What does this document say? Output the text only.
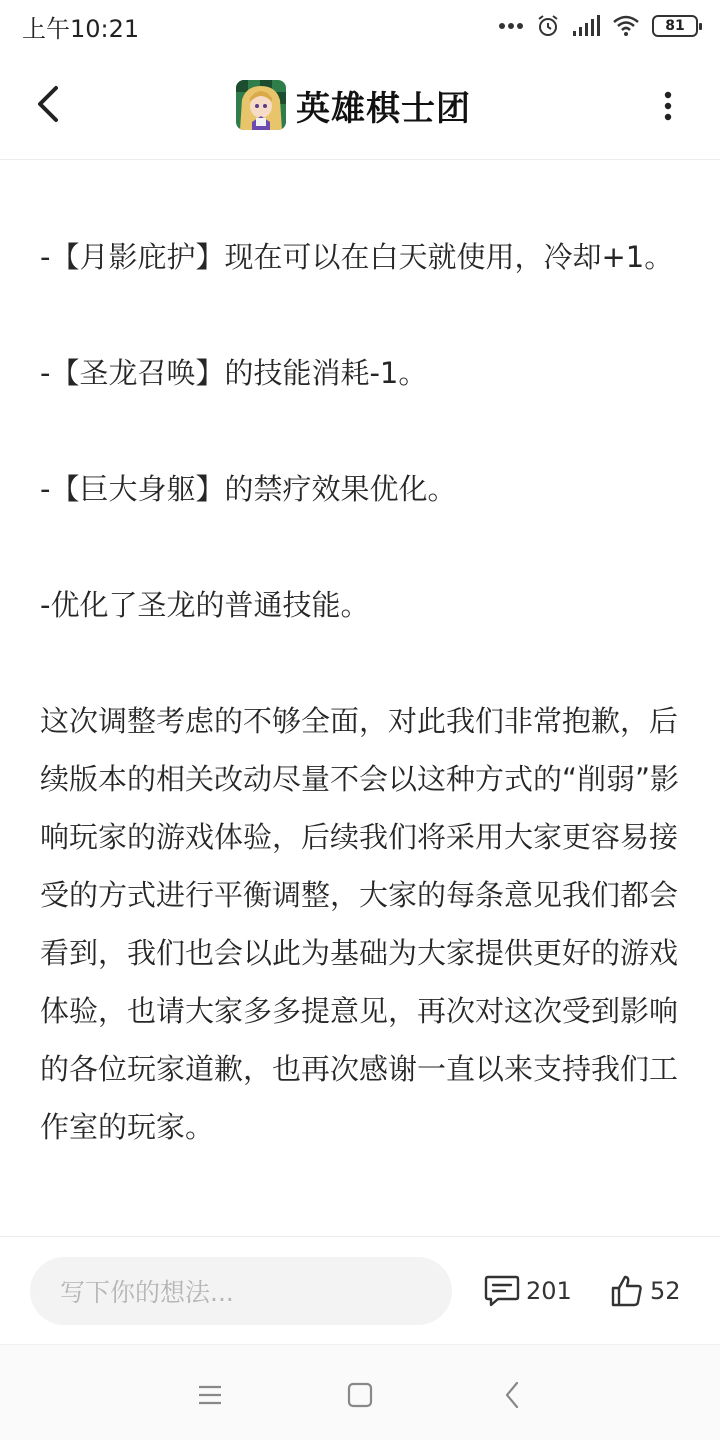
上午10:21	81
英雄棋士团

-【月影庇护】现在可以在白天就使用，冷却+1。

-【圣龙召唤】的技能消耗-1。

-【巨大身躯】的禁疗效果优化。

-优化了圣龙的普通技能。

这次调整考虑的不够全面，对此我们非常抱歉，后续版本的相关改动尽量不会以这种方式的“削弱”影响玩家的游戏体验，后续我们将采用大家更容易接受的方式进行平衡调整，大家的每条意见我们都会看到，我们也会以此为基础为大家提供更好的游戏体验，也请大家多多提意见，再次对这次受到影响的各位玩家道歉，也再次感谢一直以来支持我们工作室的玩家。

写下你的想法...	201	52
